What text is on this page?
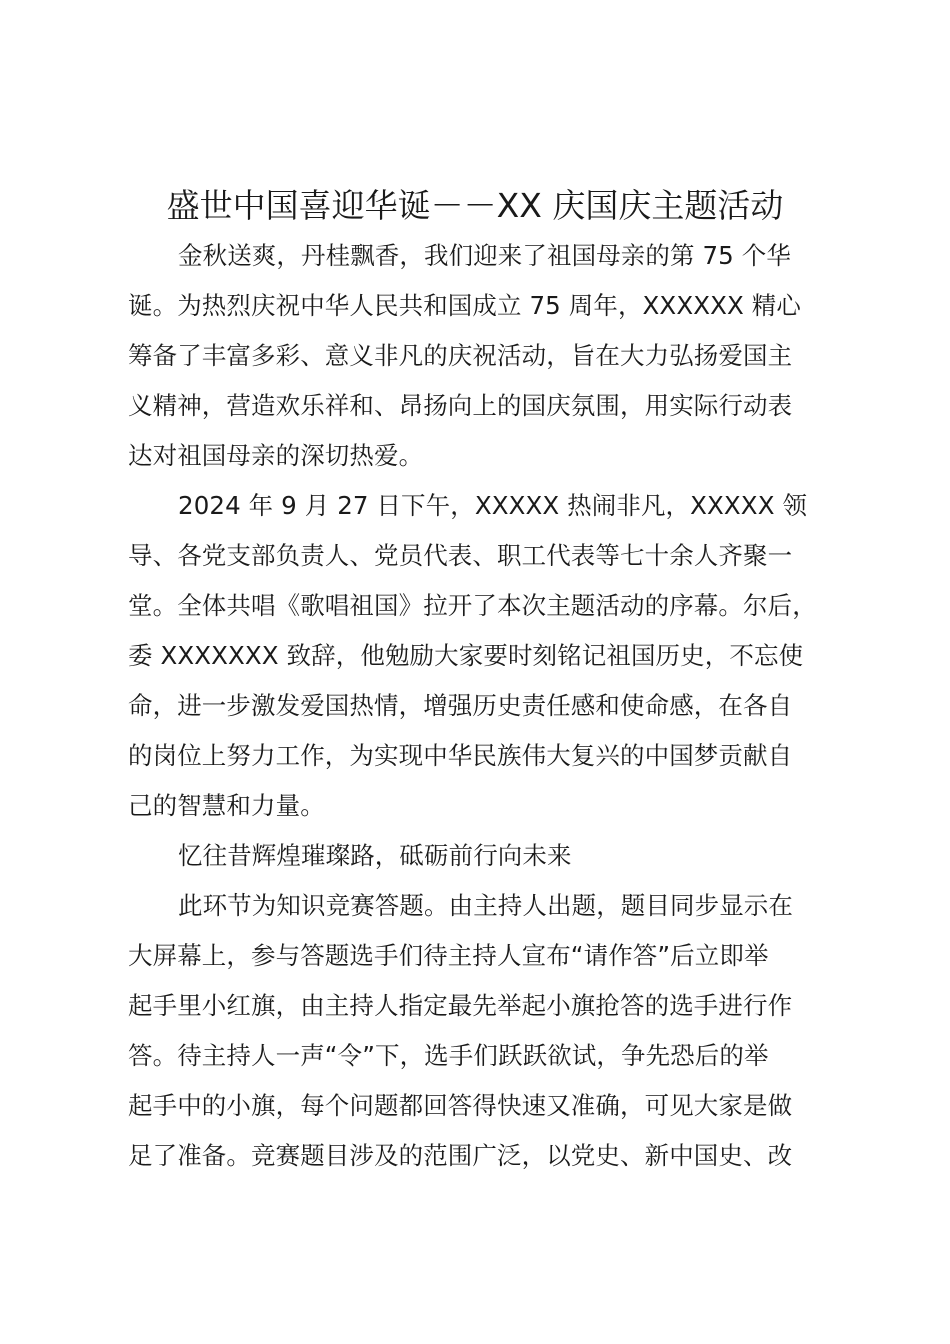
盛世中国喜迎华诞－－XX 庆国庆主题活动
金秋送爽，丹桂飘香，我们迎来了祖国母亲的第 75 个华
诞。为热烈庆祝中华人民共和国成立 75 周年，XXXXXX 精心
筹备了丰富多彩、意义非凡的庆祝活动，旨在大力弘扬爱国主
义精神，营造欢乐祥和、昂扬向上的国庆氛围，用实际行动表
达对祖国母亲的深切热爱。
2024 年 9 月 27 日下午，XXXXX 热闹非凡，XXXXX 领
导、各党支部负责人、党员代表、职工代表等七十余人齐聚一
堂。全体共唱《歌唱祖国》拉开了本次主题活动的序幕。尔后，
委 XXXXXXX 致辞，他勉励大家要时刻铭记祖国历史，不忘使
命，进一步激发爱国热情，增强历史责任感和使命感，在各自
的岗位上努力工作，为实现中华民族伟大复兴的中国梦贡献自
己的智慧和力量。
忆往昔辉煌璀璨路，砥砺前行向未来
此环节为知识竞赛答题。由主持人出题，题目同步显示在
大屏幕上，参与答题选手们待主持人宣布“请作答”后立即举
起手里小红旗，由主持人指定最先举起小旗抢答的选手进行作
答。待主持人一声“令”下，选手们跃跃欲试，争先恐后的举
起手中的小旗，每个问题都回答得快速又准确，可见大家是做
足了准备。竞赛题目涉及的范围广泛，以党史、新中国史、改
